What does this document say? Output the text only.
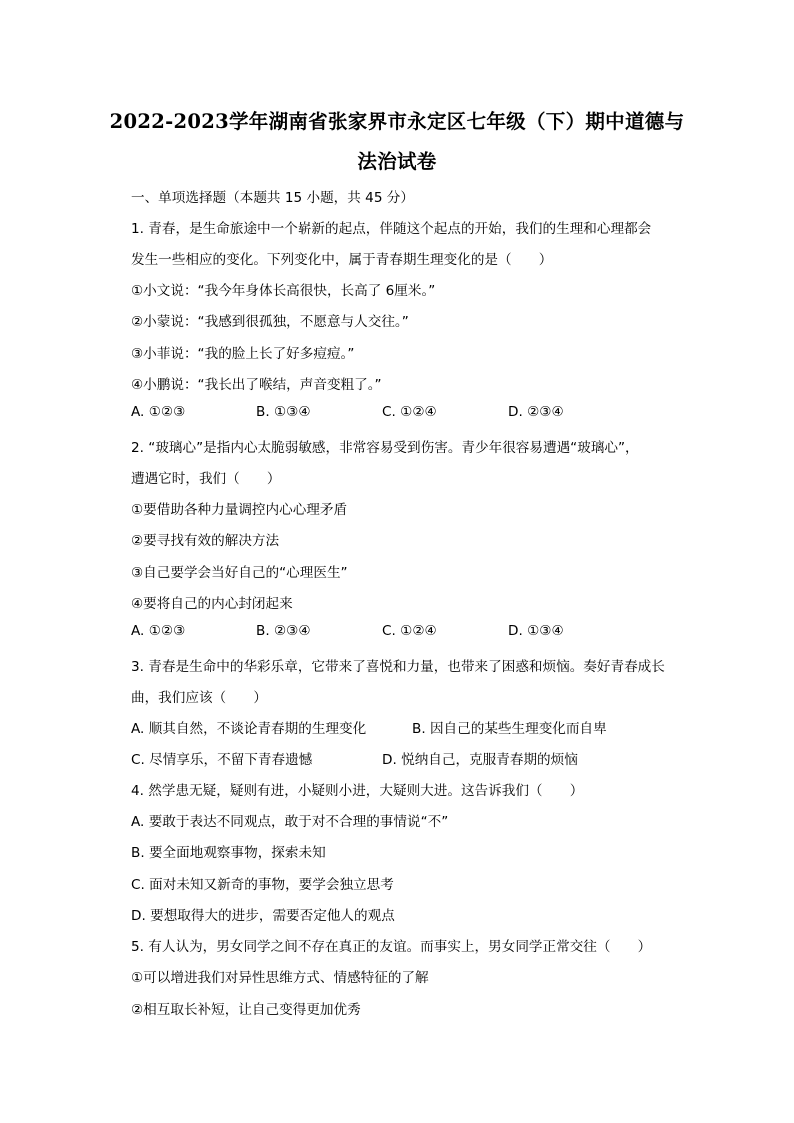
2022-2023学年湖南省张家界市永定区七年级（下）期中道德与
法治试卷
一、单项选择题（本题共 15 小题，共 45 分）
1. 青春，是生命旅途中一个崭新的起点，伴随这个起点的开始，我们的生理和心理都会
发生一些相应的变化。下列变化中，属于青春期生理变化的是（　　）
①小文说：“我今年身体长高很快，长高了 6厘米。”
②小蒙说：“我感到很孤独，不愿意与人交往。”
③小菲说：“我的脸上长了好多痘痘。”
④小鹏说：“我长出了喉结，声音变粗了。”
A. ①②③	B. ①③④	C. ①②④	D. ②③④
2. “玻璃心”是指内心太脆弱敏感，非常容易受到伤害。青少年很容易遭遇“玻璃心”，
遭遇它时，我们（　　）
①要借助各种力量调控内心心理矛盾
②要寻找有效的解决方法
③自己要学会当好自己的“心理医生”
④要将自己的内心封闭起来
A. ①②③	B. ②③④	C. ①②④	D. ①③④
3. 青春是生命中的华彩乐章，它带来了喜悦和力量，也带来了困惑和烦恼。奏好青春成长
曲，我们应该（　　）
A. 顺其自然，不谈论青春期的生理变化	B. 因自己的某些生理变化而自卑
C. 尽情享乐，不留下青春遗憾	D. 悦纳自己，克服青春期的烦恼
4. 然学患无疑，疑则有进，小疑则小进，大疑则大进。这告诉我们（　　）
A. 要敢于表达不同观点，敢于对不合理的事情说“不”
B. 要全面地观察事物，探索未知
C. 面对未知又新奇的事物，要学会独立思考
D. 要想取得大的进步，需要否定他人的观点
5. 有人认为，男女同学之间不存在真正的友谊。而事实上，男女同学正常交往（　　）
①可以增进我们对异性思维方式、情感特征的了解
②相互取长补短，让自己变得更加优秀
